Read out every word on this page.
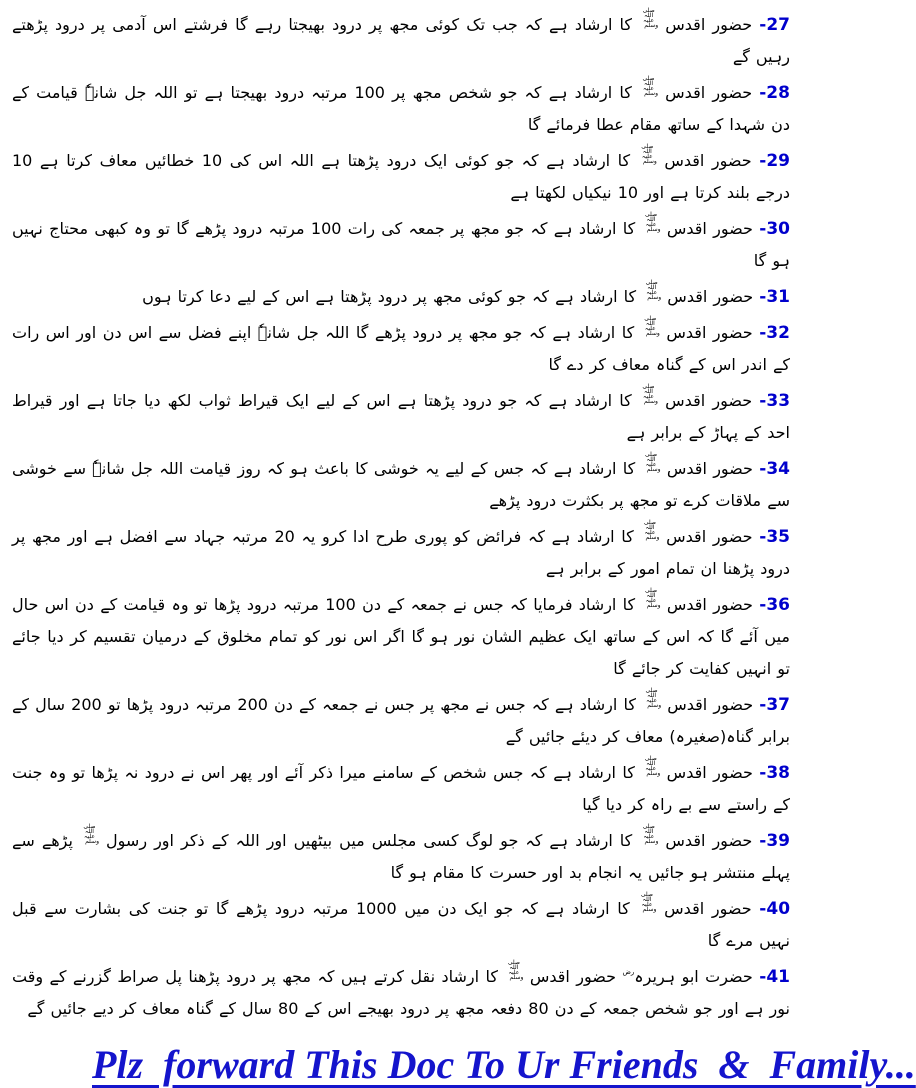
27- حضور اقدس صلی اللہ علیہ وسلم کا ارشاد ہے کہ جب تک کوئی مجھ پر درود بھیجتا رہے گا فرشتے اس آدمی پر درود پڑھتے رہیں گے

28- حضور اقدس صلی اللہ علیہ وسلم کا ارشاد ہے کہ جو شخص مجھ پر 100 مرتبہ درود بھیجتا ہے تو اللہ جل شانہٗ قیامت کے دن شہدا کے ساتھ مقام عطا فرمائے گا

29- حضور اقدس صلی اللہ علیہ وسلم کا ارشاد ہے کہ جو کوئی ایک درود پڑھتا ہے اللہ اس کی 10 خطائیں معاف کرتا ہے 10 درجے بلند کرتا ہے اور 10 نیکیاں لکھتا ہے

30- حضور اقدس صلی اللہ علیہ وسلم کا ارشاد ہے کہ جو مجھ پر جمعہ کی رات 100 مرتبہ درود پڑھے گا تو وہ کبھی محتاج نہیں ہو گا

31- حضور اقدس صلی اللہ علیہ وسلم کا ارشاد ہے کہ جو کوئی مجھ پر درود پڑھتا ہے اس کے لیے دعا کرتا ہوں

32- حضور اقدس صلی اللہ علیہ وسلم کا ارشاد ہے کہ جو مجھ پر درود پڑھے گا اللہ جل شانہٗ اپنے فضل سے اس دن اور اس رات کے اندر اس کے گناہ معاف کر دے گا

33- حضور اقدس صلی اللہ علیہ وسلم کا ارشاد ہے کہ جو درود پڑھتا ہے اس کے لیے ایک قیراط ثواب لکھ دیا جاتا ہے اور قیراط احد کے پہاڑ کے برابر ہے

34- حضور اقدس صلی اللہ علیہ وسلم کا ارشاد ہے کہ جس کے لیے یہ خوشی کا باعث ہو کہ روز قیامت اللہ جل شانہٗ سے خوشی سے ملاقات کرے تو مجھ پر بکثرت درود پڑھے

35- حضور اقدس صلی اللہ علیہ وسلم کا ارشاد ہے کہ فرائض کو پوری طرح ادا کرو یہ 20 مرتبہ جہاد سے افضل ہے اور مجھ پر درود پڑھنا ان تمام امور کے برابر ہے

36- حضور اقدس صلی اللہ علیہ وسلم کا ارشاد فرمایا کہ جس نے جمعہ کے دن 100 مرتبہ درود پڑھا تو وہ قیامت کے دن اس حال میں آئے گا کہ اس کے ساتھ ایک عظیم الشان نور ہو گا اگر اس نور کو تمام مخلوق کے درمیان تقسیم کر دیا جائے تو انہیں کفایت کر جائے گا

37- حضور اقدس صلی اللہ علیہ وسلم کا ارشاد ہے کہ جس نے مجھ پر جس نے جمعہ کے دن 200 مرتبہ درود پڑھا تو 200 سال کے برابر گناہ(صغیرہ) معاف کر دیئے جائیں گے

38- حضور اقدس صلی اللہ علیہ وسلم کا ارشاد ہے کہ جس شخص کے سامنے میرا ذکر آئے اور پھر اس نے درود نہ پڑھا تو وہ جنت کے راستے سے بے راہ کر دیا گیا

39- حضور اقدس صلی اللہ علیہ وسلم کا ارشاد ہے کہ جو لوگ کسی مجلس میں بیٹھیں اور اللہ کے ذکر اور رسول صلی اللہ علیہ وسلم پڑھے سے پہلے منتشر ہو جائیں یہ انجام بد اور حسرت کا مقام ہو گا

40- حضور اقدس صلی اللہ علیہ وسلم کا ارشاد ہے کہ جو ایک دن میں 1000 مرتبہ درود پڑھے گا تو جنت کی بشارت سے قبل نہیں مرے گا

41- حضرت ابو ہریرہرض حضور اقدس صلی اللہ علیہ وسلم کا ارشاد نقل کرتے ہیں کہ مجھ پر درود پڑھنا پل صراط گزرنے کے وقت نور ہے اور جو شخص جمعہ کے دن 80 دفعہ مجھ پر درود بھیجے اس کے 80 سال کے گناہ معاف کر دیے جائیں گے

Plz  forward This Doc To Ur Friends  &  Family...
